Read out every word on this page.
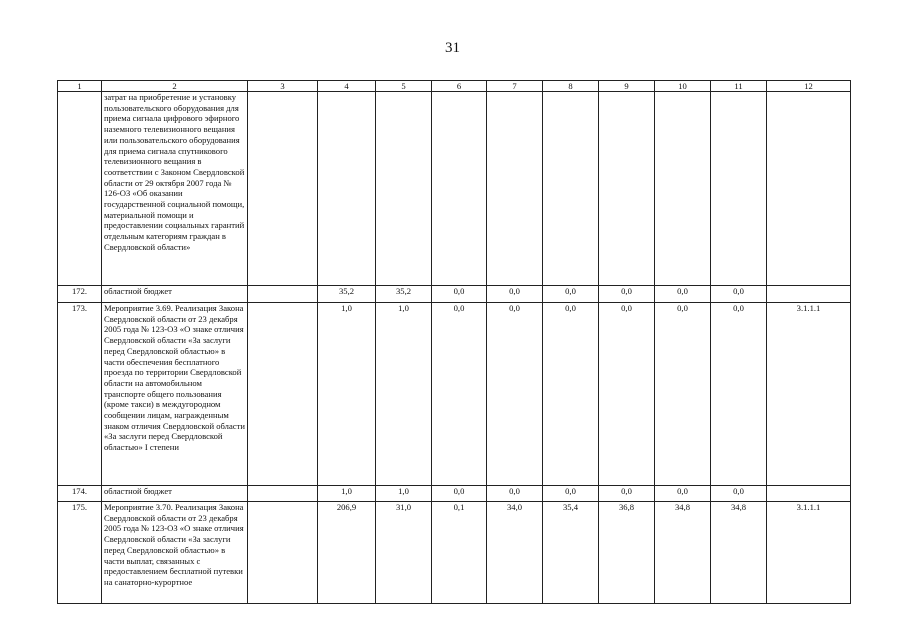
31
1	2	3	4	5	6	7	8	9	10	11	12
	затрат на приобретение и установку пользовательского оборудования для приема сигнала цифрового эфирного наземного телевизионного вещания или пользовательского оборудования для приема сигнала спутникового телевизионного вещания в соответствии с Законом Свердловской области от 29 октября 2007 года № 126-ОЗ «Об оказании государственной социальной помощи, материальной помощи и предоставлении социальных гарантий отдельным категориям граждан в Свердловской области»										
172.	областной бюджет		35,2	35,2	0,0	0,0	0,0	0,0	0,0	0,0	
173.	Мероприятие 3.69. Реализация Закона Свердловской области от 23 декабря 2005 года № 123-ОЗ «О знаке отличия Свердловской области «За заслуги перед Свердловской областью» в части обеспечения бесплатного проезда по территории Свердловской области на автомобильном транспорте общего пользования (кроме такси) в междугородном сообщении лицам, награжденным знаком отличия Свердловской области «За заслуги перед Свердловской областью» I степени		1,0	1,0	0,0	0,0	0,0	0,0	0,0	0,0	3.1.1.1
174.	областной бюджет		1,0	1,0	0,0	0,0	0,0	0,0	0,0	0,0	
175.	Мероприятие 3.70. Реализация Закона Свердловской области от 23 декабря 2005 года № 123-ОЗ «О знаке отличия Свердловской области «За заслуги перед Свердловской областью» в части выплат, связанных с предоставлением бесплатной путевки на санаторно-курортное		206,9	31,0	0,1	34,0	35,4	36,8	34,8	34,8	3.1.1.1
